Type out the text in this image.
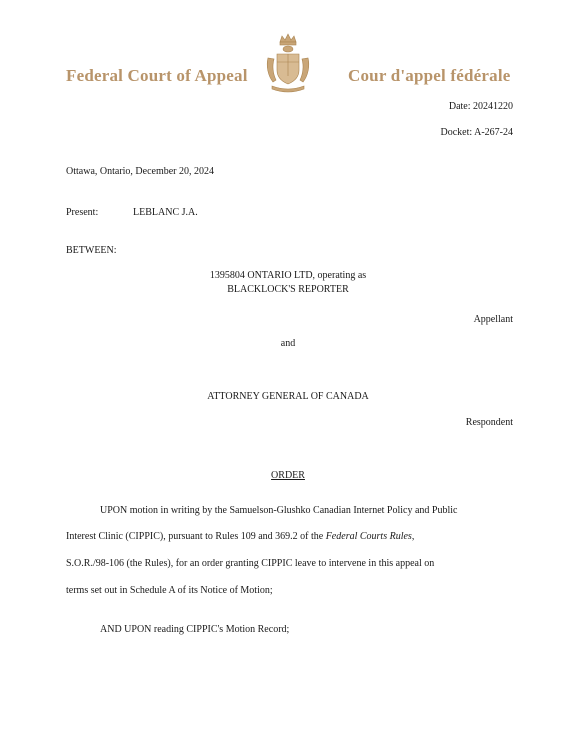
Federal Court of Appeal	Cour d'appel fédérale
Date: 20241220
Docket: A-267-24
Ottawa, Ontario, December 20, 2024
Present:	LEBLANC J.A.
BETWEEN:
1395804 ONTARIO LTD, operating as
BLACKLOCK'S REPORTER
Appellant
and
ATTORNEY GENERAL OF CANADA
Respondent
ORDER
UPON motion in writing by the Samuelson-Glushko Canadian Internet Policy and Public
Interest Clinic (CIPPIC), pursuant to Rules 109 and 369.2 of the Federal Courts Rules,
S.O.R./98-106 (the Rules), for an order granting CIPPIC leave to intervene in this appeal on
terms set out in Schedule A of its Notice of Motion;
AND UPON reading CIPPIC's Motion Record;
